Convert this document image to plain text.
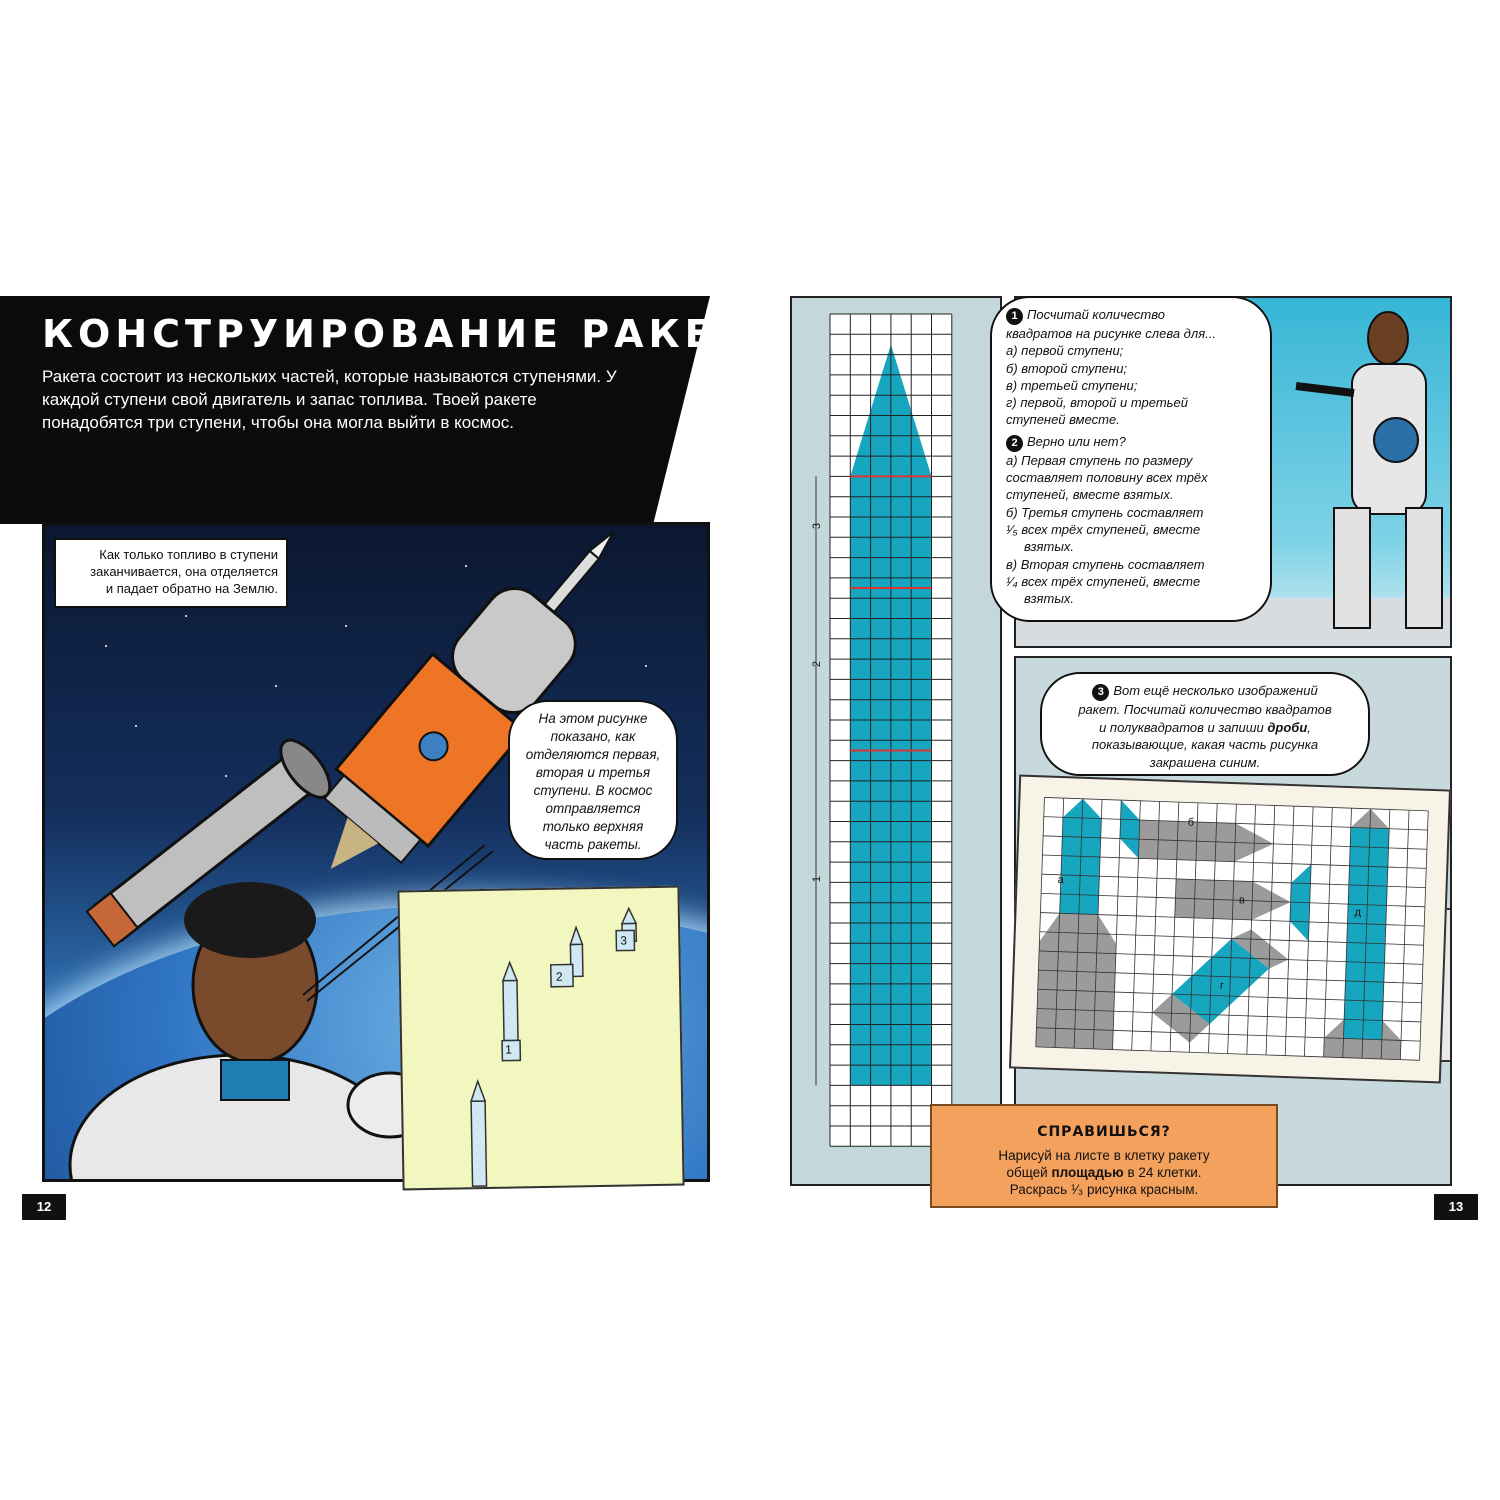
КОНСТРУИРОВАНИЕ РАКЕТ
Ракета состоит из нескольких частей, которые называются ступенями. У каждой ступени свой двигатель и запас топлива. Твоей ракете понадобятся три ступени, чтобы она могла выйти в космос.
Как только топливо в ступени
заканчивается, она отделяется
и падает обратно на Землю.
На этом рисунке
показано, как
отделяются первая,
вторая и третья
ступени. В космос
отправляется
только верхняя
часть ракеты.
1
2
3
12
3
2
1
1 Посчитай количество
квадратов на рисунке слева для...
а) первой ступени;
б) второй ступени;
в) третьей ступени;
г) первой, второй и третьей
ступеней вместе.
2 Верно или нет?
а) Первая ступень по размеру
составляет половину всех трёх
ступеней, вместе взятых.
б) Третья ступень составляет
¹⁄₅ всех трёх ступеней, вместе
взятых.
в) Вторая ступень составляет
¹⁄₄ всех трёх ступеней, вместе
взятых.
а
б
в
г
д
3 Вот ещё несколько изображений
ракет. Посчитай количество квадратов
и полуквадратов и запиши дроби,
показывающие, какая часть рисунка
закрашена синим.
СПРАВИШЬСЯ?
Нарисуй на листе в клетку ракету
общей площадью в 24 клетки.
Раскрась ¹⁄₃ рисунка красным.
13
